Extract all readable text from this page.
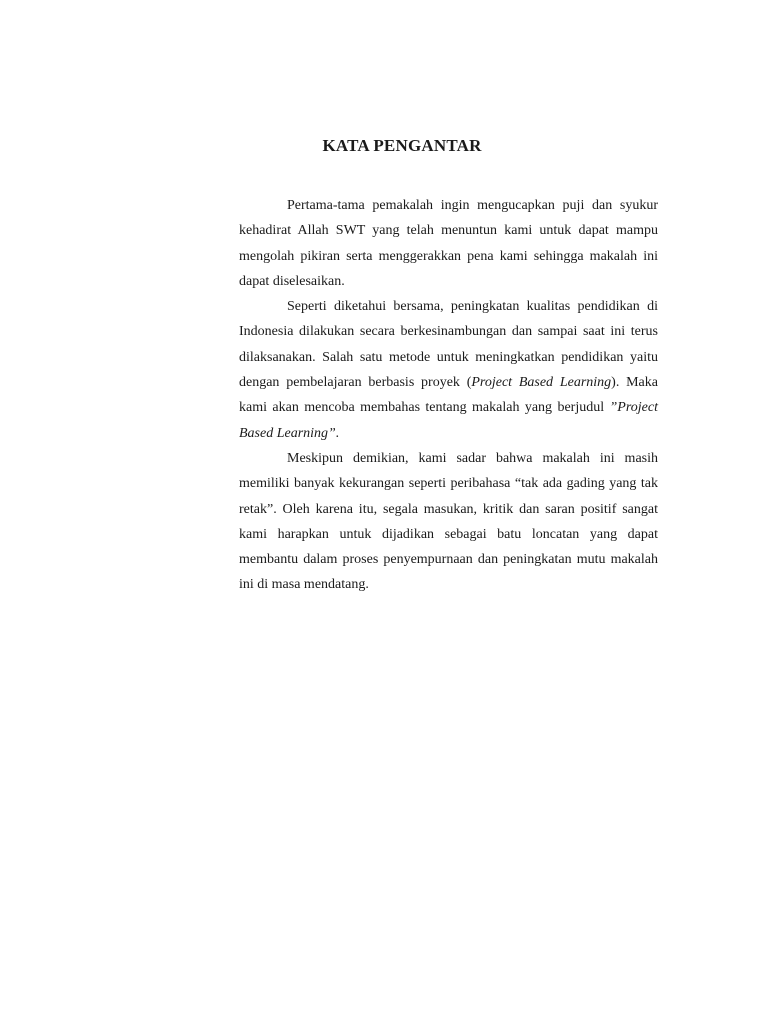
KATA PENGANTAR

Pertama-tama pemakalah ingin mengucapkan puji dan syukur kehadirat Allah SWT yang telah menuntun kami untuk dapat mampu mengolah pikiran serta menggerakkan pena kami sehingga makalah ini dapat diselesaikan.

Seperti diketahui bersama, peningkatan kualitas pendidikan di Indonesia dilakukan secara berkesinambungan dan sampai saat ini terus dilaksanakan. Salah satu metode untuk meningkatkan pendidikan yaitu dengan pembelajaran berbasis proyek (Project Based Learning). Maka kami akan mencoba membahas tentang makalah yang berjudul ”Project Based Learning”.

Meskipun demikian, kami sadar bahwa makalah ini masih memiliki banyak kekurangan seperti peribahasa “tak ada gading yang tak retak”. Oleh karena itu, segala masukan, kritik dan saran positif sangat kami harapkan untuk dijadikan sebagai batu loncatan yang dapat membantu dalam proses penyempurnaan dan peningkatan mutu makalah ini di masa mendatang.
